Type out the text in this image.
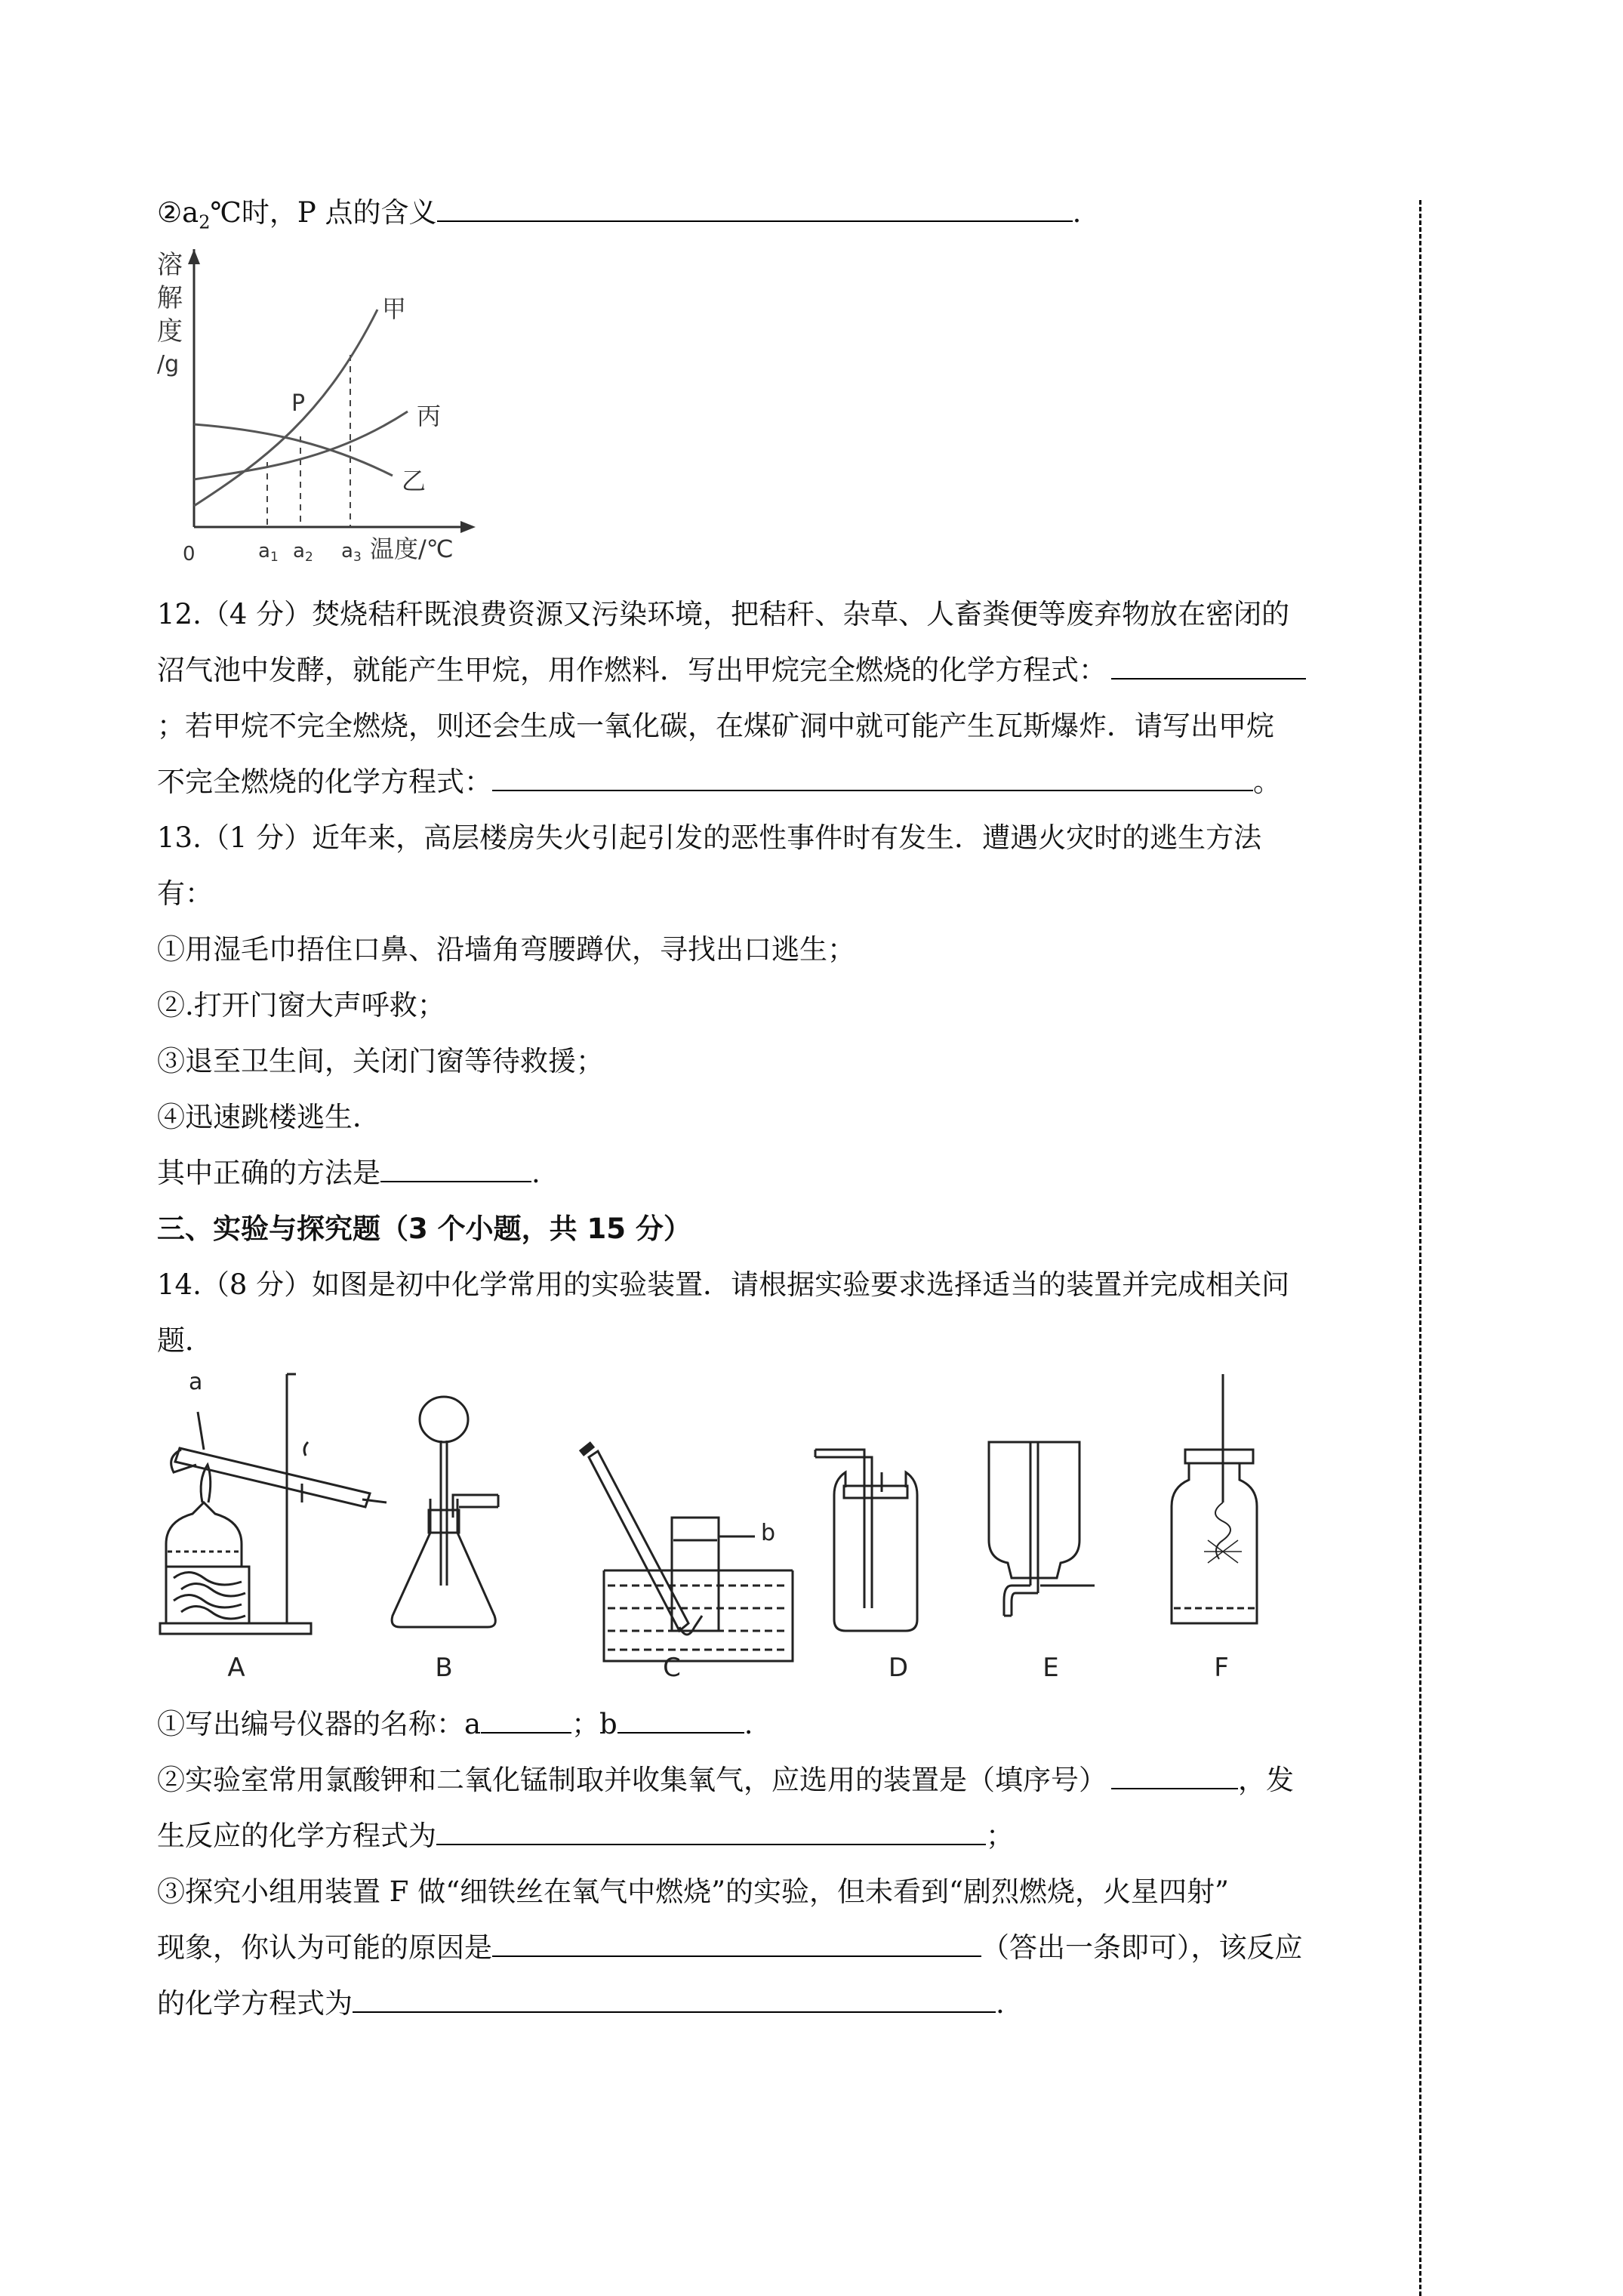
$②a_2℃$时，P 点的含义	.
溶
解
度
/g
P
甲
丙
乙
0	a1 a2 a3 温度/℃
12.（4 分）焚烧秸秆既浪费资源又污染环境，把秸秆、杂草、人畜粪便等废弃物放在密闭的
沼气池中发酵，就能产生甲烷，用作燃料．写出甲烷完全燃烧的化学方程式：
；若甲烷不完全燃烧，则还会生成一氧化碳，在煤矿洞中就可能产生瓦斯爆炸．请写出甲烷
不完全燃烧的化学方程式：	。
13.（1 分）近年来，高层楼房失火引起引发的恶性事件时有发生．遭遇火灾时的逃生方法
有：
①用湿毛巾捂住口鼻、沿墙角弯腰蹲伏，寻找出口逃生；
②.打开门窗大声呼救；
③退至卫生间，关闭门窗等待救援；
④迅速跳楼逃生．
其中正确的方法是	.
三、实验与探究题（3 个小题，共 15 分）
14.（8 分）如图是初中化学常用的实验装置．请根据实验要求选择适当的装置并完成相关问
题．
a
b
A	B	C	D	E	F
①写出编号仪器的名称：a	；b	.
②实验室常用氯酸钾和二氧化锰制取并收集氧气，应选用的装置是（填序号）	，发
生反应的化学方程式为	；
③探究小组用装置 F 做“细铁丝在氧气中燃烧”的实验，但未看到“剧烈燃烧，火星四射”
现象，你认为可能的原因是	（答出一条即可），该反应
的化学方程式为	.
